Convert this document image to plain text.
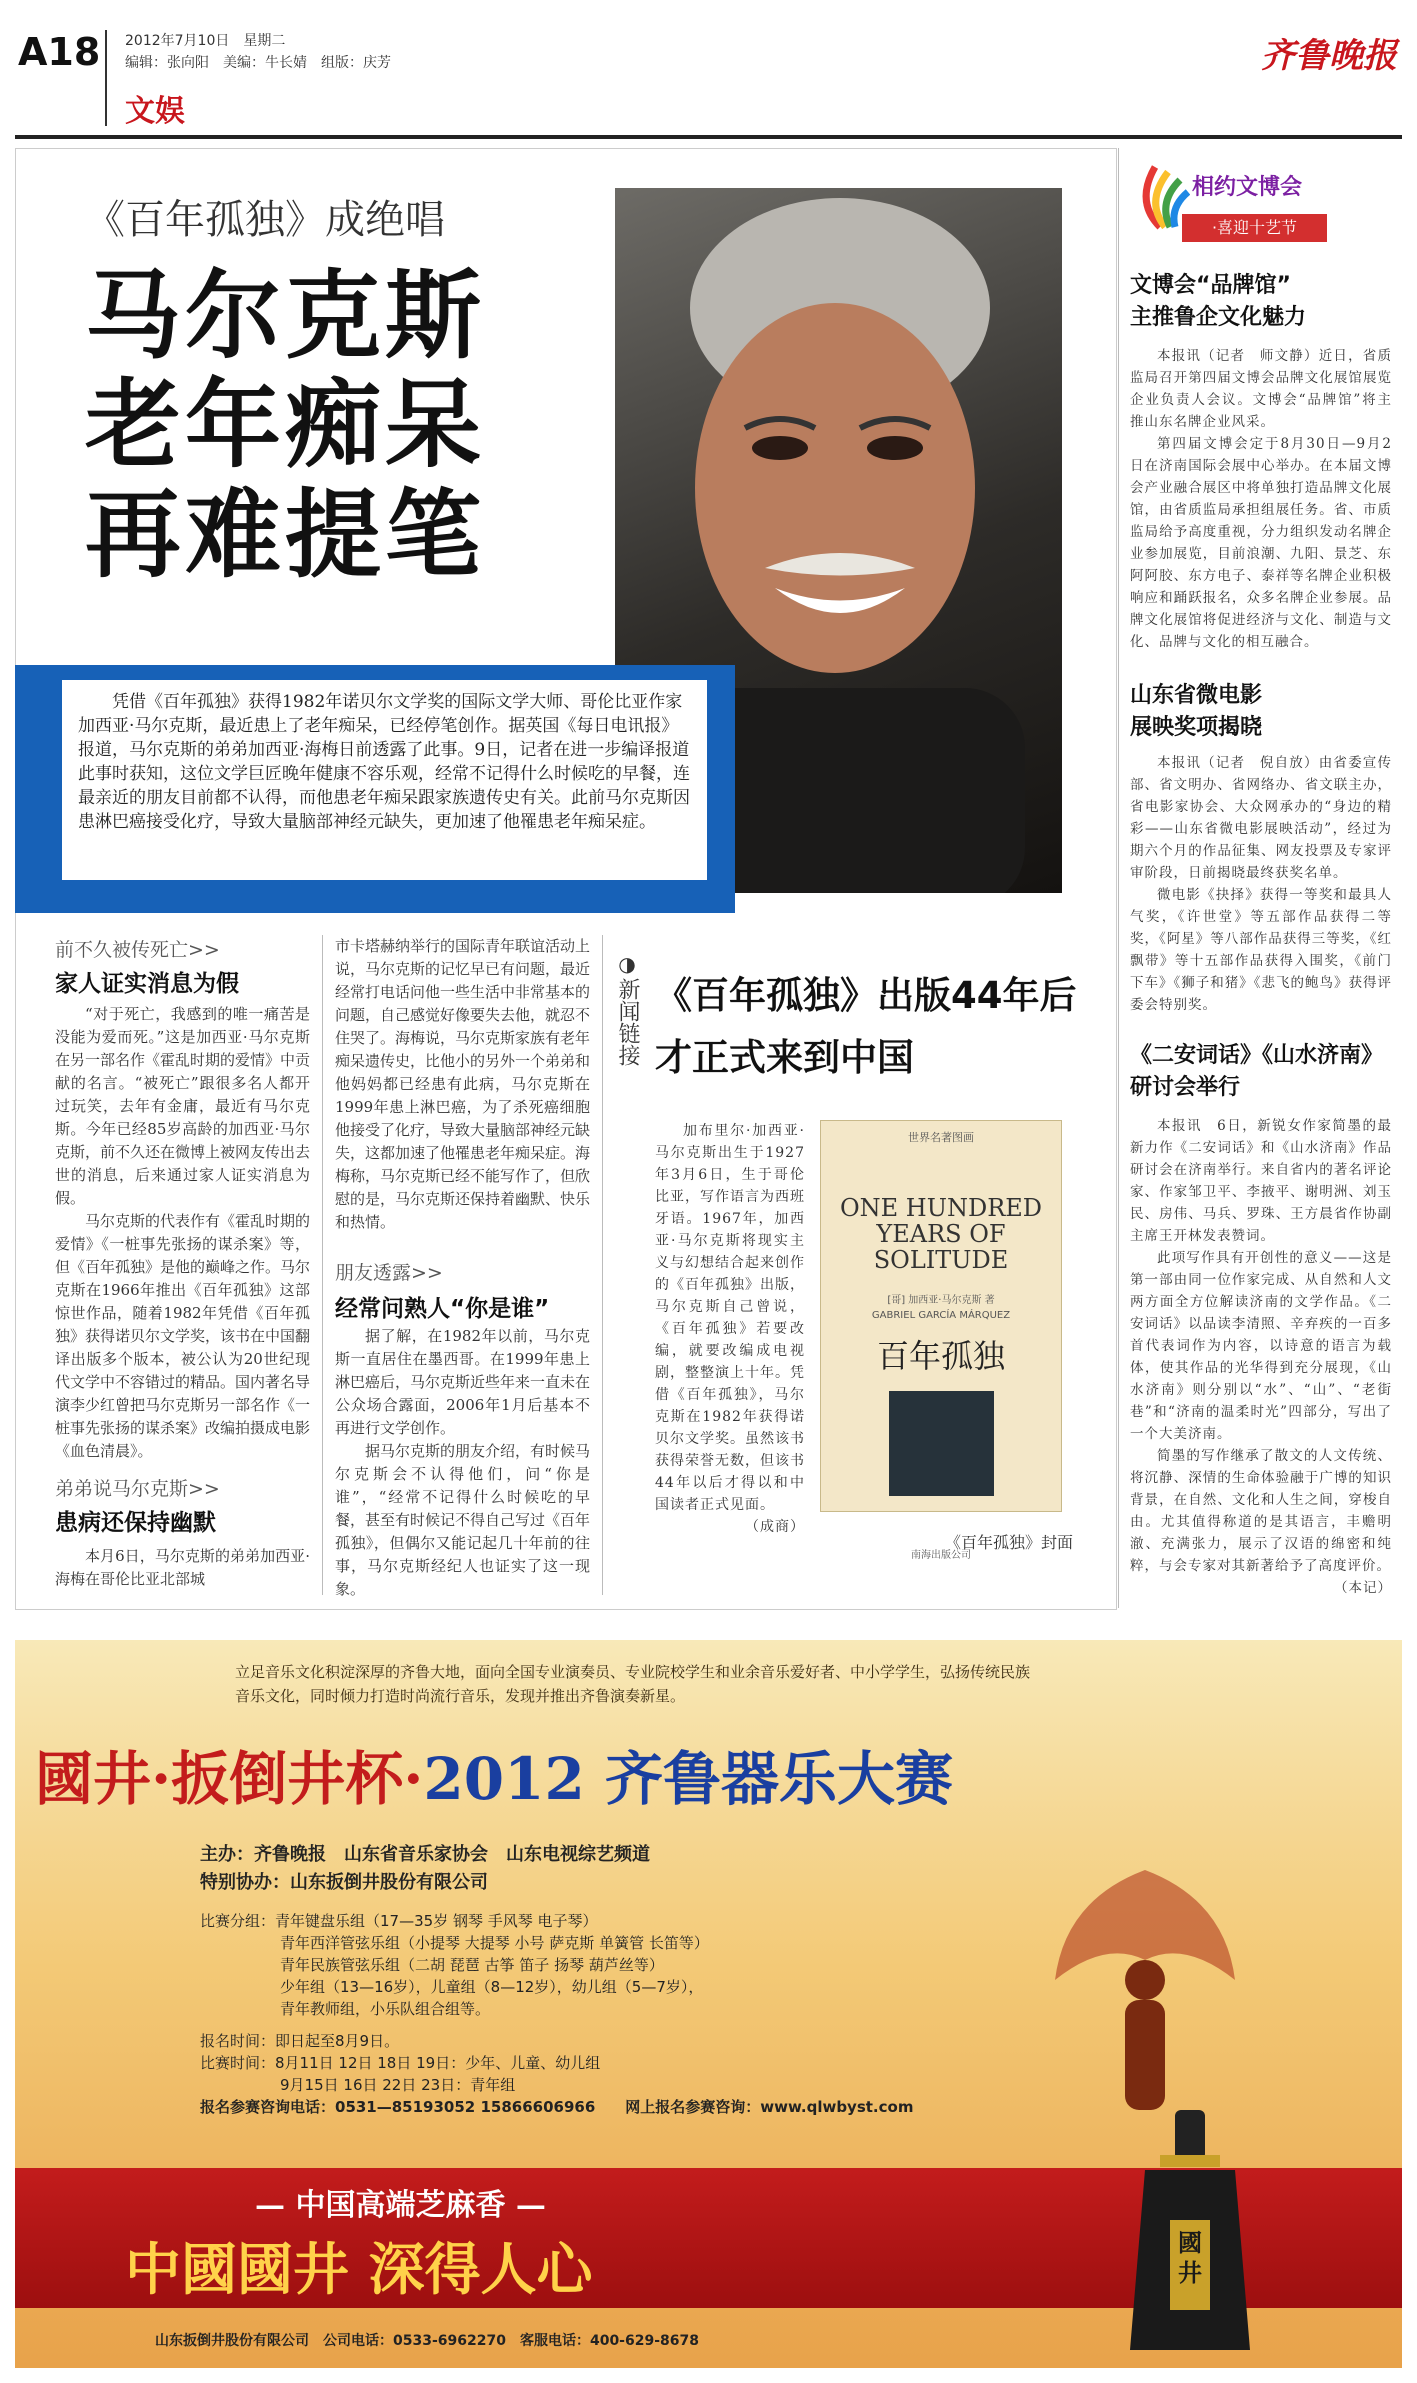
A18 2012年7月10日　星期二
编辑：张向阳　美编：牛长婧　组版：庆芳
文娱
齐鲁晚报
《百年孤独》成绝唱
马尔克斯
老年痴呆
再难提笔
凭借《百年孤独》获得1982年诺贝尔文学奖的国际文学大师、哥伦比亚作家加西亚·马尔克斯，最近患上了老年痴呆，已经停笔创作。据英国《每日电讯报》报道，马尔克斯的弟弟加西亚·海梅日前透露了此事。9日，记者在进一步编译报道此事时获知，这位文学巨匠晚年健康不容乐观，经常不记得什么时候吃的早餐，连最亲近的朋友目前都不认得，而他患老年痴呆跟家族遗传史有关。此前马尔克斯因患淋巴癌接受化疗，导致大量脑部神经元缺失，更加速了他罹患老年痴呆症。
前不久被传死亡>>
家人证实消息为假

“对于死亡，我感到的唯一痛苦是没能为爱而死。”这是加西亚·马尔克斯在另一部名作《霍乱时期的爱情》中贡献的名言。“被死亡”跟很多名人都开过玩笑，去年有金庸，最近有马尔克斯。今年已经85岁高龄的加西亚·马尔克斯，前不久还在微博上被网友传出去世的消息，后来通过家人证实消息为假。

马尔克斯的代表作有《霍乱时期的爱情》《一桩事先张扬的谋杀案》等，但《百年孤独》是他的巅峰之作。马尔克斯在1966年推出《百年孤独》这部惊世作品，随着1982年凭借《百年孤独》获得诺贝尔文学奖，该书在中国翻译出版多个版本，被公认为20世纪现代文学中不容错过的精品。国内著名导演李少红曾把马尔克斯另一部名作《一桩事先张扬的谋杀案》改编拍摄成电影《血色清晨》。

弟弟说马尔克斯>>
患病还保持幽默

本月6日，马尔克斯的弟弟加西亚·海梅在哥伦比亚北部城

市卡塔赫纳举行的国际青年联谊活动上说，马尔克斯的记忆早已有问题，最近经常打电话问他一些生活中非常基本的问题，自己感觉好像要失去他，就忍不住哭了。海梅说，马尔克斯家族有老年痴呆遗传史，比他小的另外一个弟弟和他妈妈都已经患有此病，马尔克斯在1999年患上淋巴癌，为了杀死癌细胞他接受了化疗，导致大量脑部神经元缺失，这都加速了他罹患老年痴呆症。海梅称，马尔克斯已经不能写作了，但欣慰的是，马尔克斯还保持着幽默、快乐和热情。

朋友透露>>
经常问熟人“你是谁”

据了解，在1982年以前，马尔克斯一直居住在墨西哥。在1999年患上淋巴癌后，马尔克斯近些年来一直未在公众场合露面，2006年1月后基本不再进行文学创作。

据马尔克斯的朋友介绍，有时候马尔克斯会不认得他们，问“你是谁”，“经常不记得什么时候吃的早餐，甚至有时候记不得自己写过《百年孤独》，但偶尔又能记起几十年前的往事，马尔克斯经纪人也证实了这一现象。

◑
新闻链接 《百年孤独》出版44年后
才正式来到中国

加布里尔·加西亚·马尔克斯出生于1927年3月6日，生于哥伦比亚，写作语言为西班牙语。1967年，加西亚·马尔克斯将现实主义与幻想结合起来创作的《百年孤独》出版，马尔克斯自己曾说，《百年孤独》若要改编，就要改编成电视剧，整整演上十年。凭借《百年孤独》，马尔克斯在1982年获得诺贝尔文学奖。虽然该书获得荣誉无数，但该书44年以后才得以和中国读者正式见面。

（成商）
世界名著图画
ONE HUNDRED YEARS OF SOLITUDE
[哥] 加西亚·马尔克斯 著
GABRIEL GARCÍA MÁRQUEZ
百年孤独
南海出版公司
《百年孤独》封面
相约文博会
·喜迎十艺节
文博会“品牌馆”
主推鲁企文化魅力

本报讯（记者　师文静）近日，省质监局召开第四届文博会品牌文化展馆展览企业负责人会议。文博会“品牌馆”将主推山东名牌企业风采。

第四届文博会定于8月30日—9月2日在济南国际会展中心举办。在本届文博会产业融合展区中将单独打造品牌文化展馆，由省质监局承担组展任务。省、市质监局给予高度重视，分力组织发动名牌企业参加展览，目前浪潮、九阳、景芝、东阿阿胶、东方电子、泰祥等名牌企业积极响应和踊跃报名，众多名牌企业参展。品牌文化展馆将促进经济与文化、制造与文化、品牌与文化的相互融合。

山东省微电影
展映奖项揭晓

本报讯（记者　倪自放）由省委宣传部、省文明办、省网络办、省文联主办，省电影家协会、大众网承办的“身边的精彩——山东省微电影展映活动”，经过为期六个月的作品征集、网友投票及专家评审阶段，日前揭晓最终获奖名单。

微电影《抉择》获得一等奖和最具人气奖，《许世堂》等五部作品获得二等奖，《阿星》等八部作品获得三等奖，《红飘带》等十五部作品获得入围奖，《前门下车》《狮子和猪》《悲飞的鲍鸟》获得评委会特别奖。

《二安词话》《山水济南》
研讨会举行

本报讯　6日，新锐女作家简墨的最新力作《二安词话》和《山水济南》作品研讨会在济南举行。来自省内的著名评论家、作家邹卫平、李掖平、谢明洲、刘玉民、房伟、马兵、罗珠、王方晨省作协副主席王开林发表赞词。

此项写作具有开创性的意义——这是第一部由同一位作家完成、从自然和人文两方面全方位解读济南的文学作品。《二安词话》以品读李清照、辛弃疾的一百多首代表词作为内容，以诗意的语言为载体，使其作品的光华得到充分展现，《山水济南》则分别以“水”、“山”、“老街巷”和“济南的温柔时光”四部分，写出了一个大美济南。

简墨的写作继承了散文的人文传统、将沉静、深情的生命体验融于广博的知识背景，在自然、文化和人生之间，穿梭自由。尤其值得称道的是其语言，丰赡明澈、充满张力，展示了汉语的绵密和纯粹，与会专家对其新著给予了高度评价。

（本记）
立足音乐文化积淀深厚的齐鲁大地，面向全国专业演奏员、专业院校学生和业余音乐爱好者、中小学学生，弘扬传统民族音乐文化，同时倾力打造时尚流行音乐，发现并推出齐鲁演奏新星。
國井·扳倒井杯·2012 齐鲁器乐大赛
主办：齐鲁晚报　山东省音乐家协会　山东电视综艺频道
特别协办：山东扳倒井股份有限公司
比赛分组：青年键盘乐组（17—35岁 钢琴 手风琴 电子琴）
青年西洋管弦乐组（小提琴 大提琴 小号 萨克斯 单簧管 长笛等）
青年民族管弦乐组（二胡 琵琶 古筝 笛子 扬琴 葫芦丝等）
少年组（13—16岁），儿童组（8—12岁），幼儿组（5—7岁），
青年教师组，小乐队组合组等。
报名时间：即日起至8月9日。
比赛时间：8月11日 12日 18日 19日：少年、儿童、幼儿组
9月15日 16日 22日 23日：青年组
报名参赛咨询电话：0531—85193052 15866606966　　网上报名参赛咨询：www.qlwbyst.com
— 中国高端芝麻香 —
中國國井 深得人心	國井
山东扳倒井股份有限公司　公司电话：0533-6962270　客服电话：400-629-8678
